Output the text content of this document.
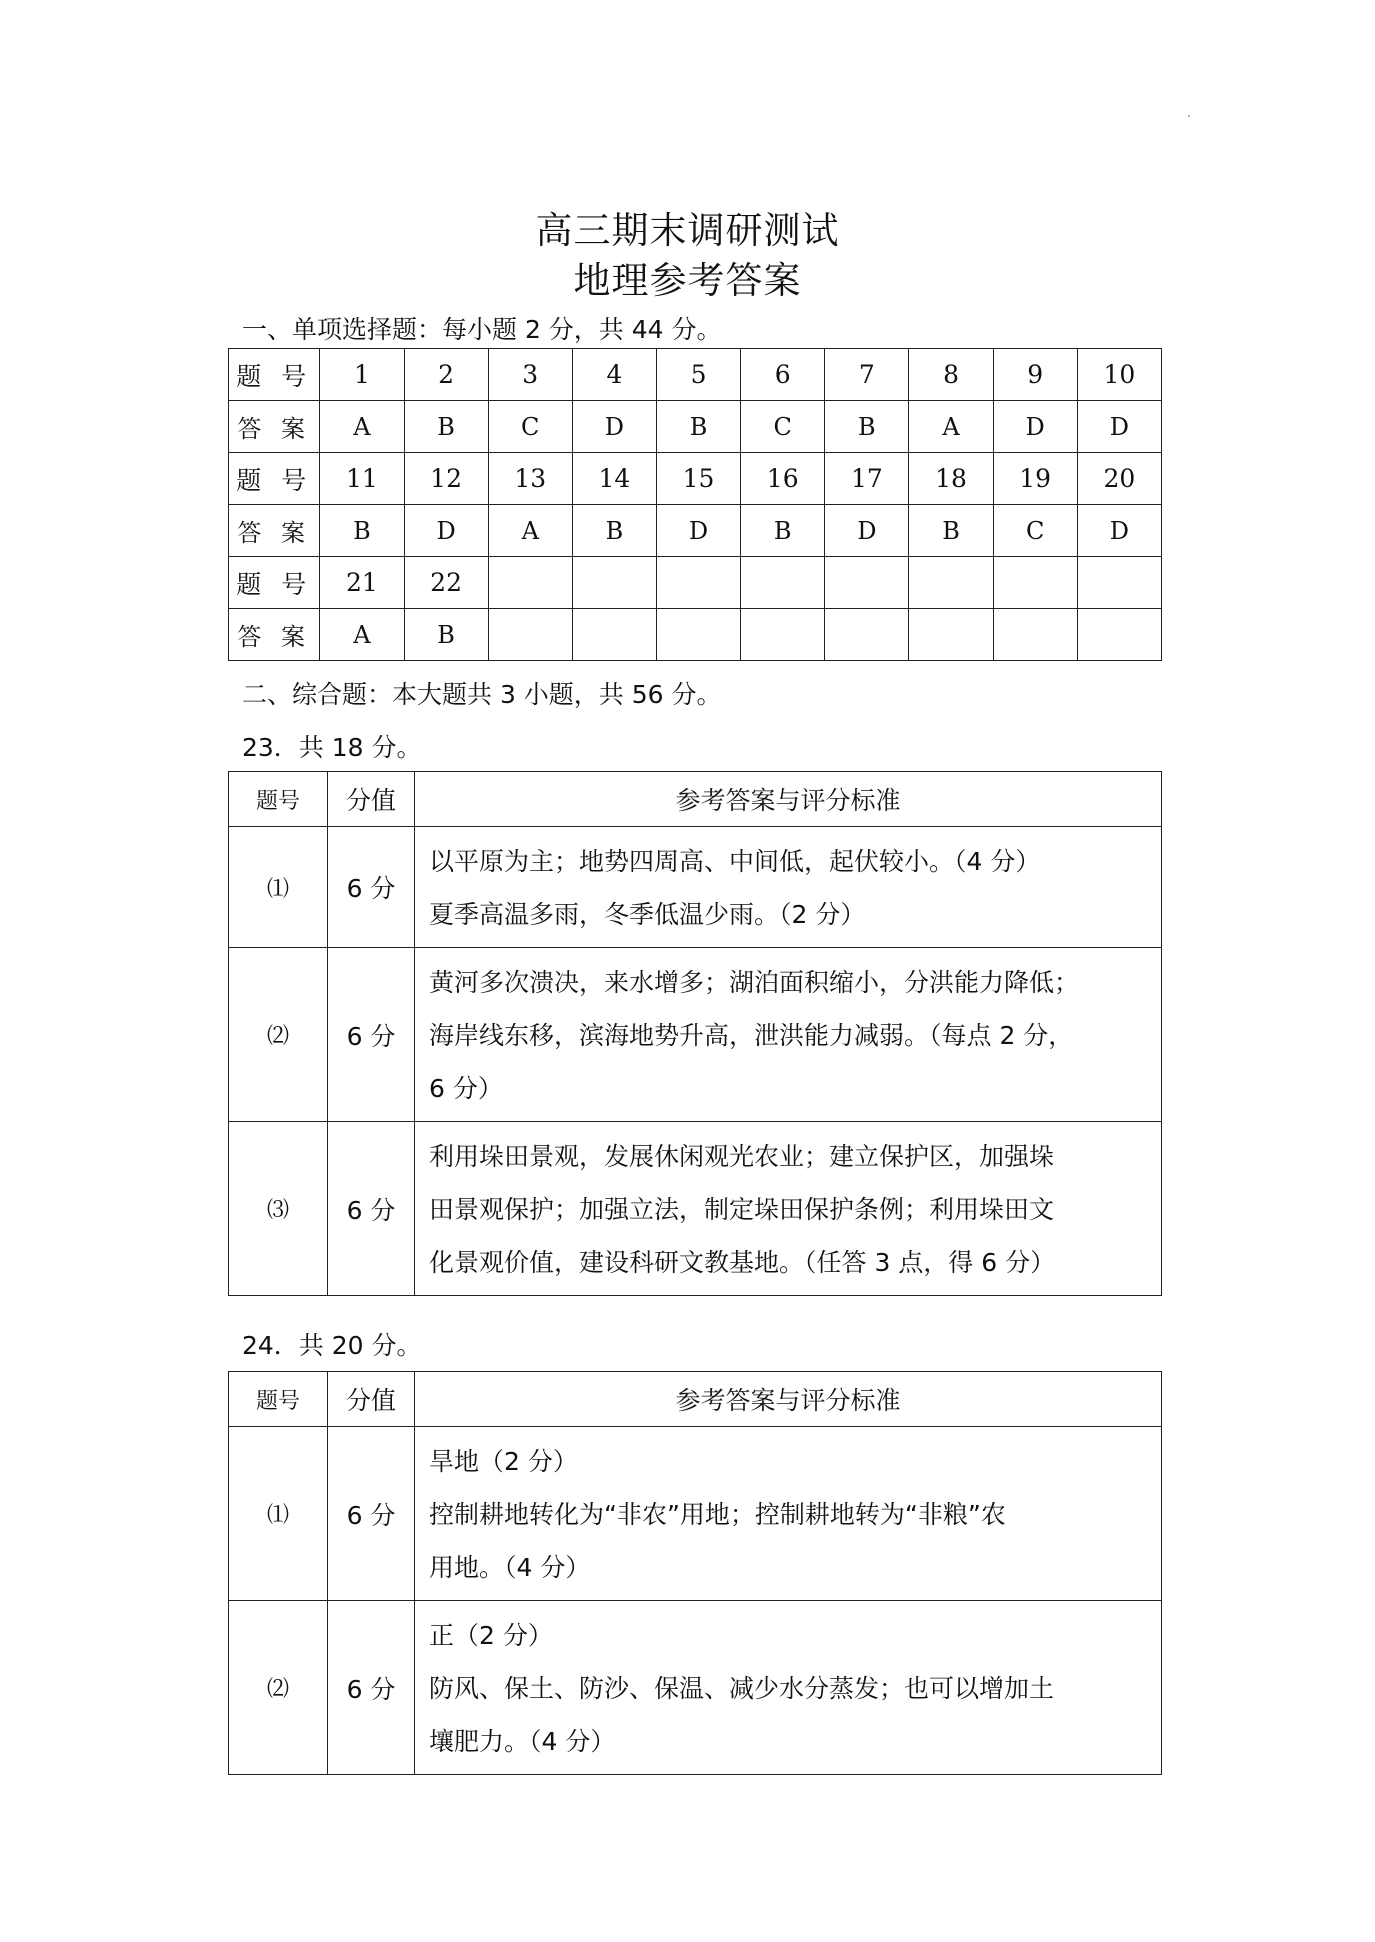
高三期末调研测试
地理参考答案
一、单项选择题：每小题 2 分，共 44 分。
题 号	1	2	3	4	5	6	7	8	9	10
答 案	A	B	C	D	B	C	B	A	D	D
题 号	11	12	13	14	15	16	17	18	19	20
答 案	B	D	A	B	D	B	D	B	C	D
题 号	21	22								
答 案	A	B								
二、综合题：本大题共 3 小题，共 56 分。
23．共 18 分。
题号	分值	参考答案与评分标准
⑴	6 分	以平原为主；地势四周高、中间低，起伏较小。（4 分）
夏季高温多雨，冬季低温少雨。（2 分）

⑵	6 分	黄河多次溃决，来水增多；湖泊面积缩小，分洪能力降低；
海岸线东移，滨海地势升高，泄洪能力减弱。（每点 2 分，
6 分）

⑶	6 分	利用垛田景观，发展休闲观光农业；建立保护区，加强垛
田景观保护；加强立法，制定垛田保护条例；利用垛田文
化景观价值，建设科研文教基地。（任答 3 点，得 6 分）
24．共 20 分。
题号	分值	参考答案与评分标准
⑴	6 分	旱地（2 分）
控制耕地转化为“非农”用地；控制耕地转为“非粮”农
用地。（4 分）

⑵	6 分	正（2 分）
防风、保土、防沙、保温、减少水分蒸发；也可以增加土
壤肥力。（4 分）
